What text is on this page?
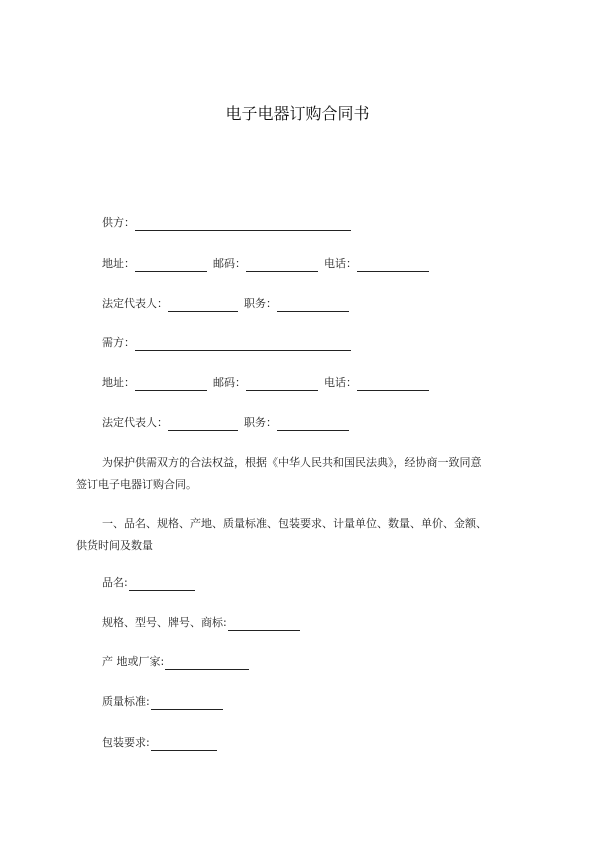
电子电器订购合同书
供方：
地址：	邮码：	电话：
法定代表人：	职务：
需方：
地址：	邮码：	电话：
法定代表人：	职务：
为保护供需双方的合法权益，根据《中华人民共和国民法典》，经协商一致同意
签订电子电器订购合同。
一、品名、规格、产地、质量标准、包装要求、计量单位、数量、单价、金额、
供货时间及数量
品名:
规格、型号、牌号、商标:
产 地或厂家:
质量标准:
包装要求:
